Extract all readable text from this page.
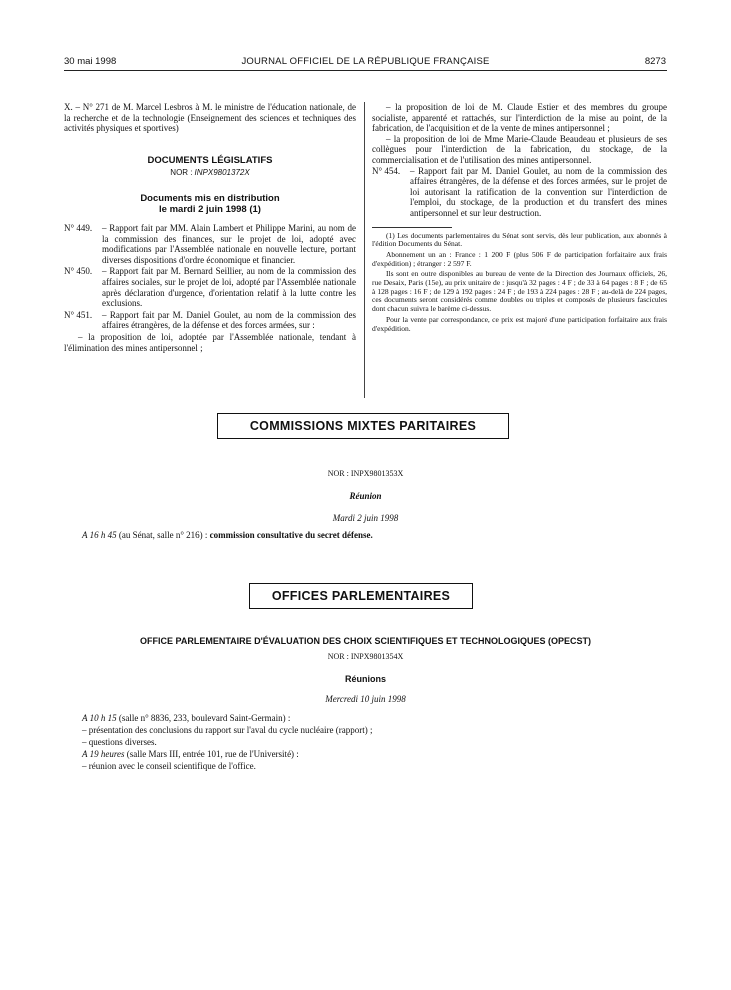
30 mai 1998	JOURNAL OFFICIEL DE LA RÉPUBLIQUE FRANÇAISE	8273

X. – N° 271 de M. Marcel Lesbros à M. le ministre de l'éducation nationale, de la recherche et de la technologie (Enseignement des sciences et techniques des activités physiques et sportives)

DOCUMENTS LÉGISLATIFS
NOR : INPX9801372X
Documents mis en distribution
le mardi 2 juin 1998 (1)
N° 449.	– Rapport fait par MM. Alain Lambert et Philippe Marini, au nom de la commission des finances, sur le projet de loi, adopté avec modifications par l'Assemblée nationale en nouvelle lecture, portant diverses dispositions d'ordre économique et financier.
N° 450.	– Rapport fait par M. Bernard Seillier, au nom de la commission des affaires sociales, sur le projet de loi, adopté par l'Assemblée nationale après déclaration d'urgence, d'orientation relatif à la lutte contre les exclusions.
N° 451.	– Rapport fait par M. Daniel Goulet, au nom de la commission des affaires étrangères, de la défense et des forces armées, sur :

– la proposition de loi, adoptée par l'Assemblée nationale, tendant à l'élimination des mines antipersonnel ;

– la proposition de loi de M. Claude Estier et des membres du groupe socialiste, apparenté et rattachés, sur l'interdiction de la mise au point, de la fabrication, de l'acquisition et de la vente de mines antipersonnel ;

– la proposition de loi de Mme Marie-Claude Beaudeau et plusieurs de ses collègues pour l'interdiction de la fabrication, du stockage, de la commercialisation et de l'utilisation des mines antipersonnel.

N° 454.	– Rapport fait par M. Daniel Goulet, au nom de la commission des affaires étrangères, de la défense et des forces armées, sur le projet de loi autorisant la ratification de la convention sur l'interdiction de l'emploi, du stockage, de la production et du transfert des mines antipersonnel et sur leur destruction.

(1) Les documents parlementaires du Sénat sont servis, dès leur publication, aux abonnés à l'édition Documents du Sénat.

Abonnement un an : France : 1 200 F (plus 506 F de participation forfaitaire aux frais d'expédition) ; étranger : 2 597 F.

Ils sont en outre disponibles au bureau de vente de la Direction des Journaux officiels, 26, rue Desaix, Paris (15e), au prix unitaire de : jusqu'à 32 pages : 4 F ; de 33 à 64 pages : 8 F ; de 65 à 128 pages : 16 F ; de 129 à 192 pages : 24 F ; de 193 à 224 pages : 28 F ; au-delà de 224 pages, ces documents seront considérés comme doubles ou triples et composés de plusieurs fascicules dont chacun suivra le barème ci-dessus.

Pour la vente par correspondance, ce prix est majoré d'une participation forfaitaire aux frais d'expédition.

COMMISSIONS MIXTES PARITAIRES
NOR : INPX9801353X
Réunion
Mardi 2 juin 1998
A 16 h 45 (au Sénat, salle n° 216) : commission consultative du secret défense.
OFFICES PARLEMENTAIRES
OFFICE PARLEMENTAIRE D'ÉVALUATION DES CHOIX SCIENTIFIQUES ET TECHNOLOGIQUES (OPECST)
NOR : INPX9801354X
Réunions
Mercredi 10 juin 1998
A 10 h 15 (salle n° 8836, 233, boulevard Saint-Germain) :
– présentation des conclusions du rapport sur l'aval du cycle nucléaire (rapport) ;
– questions diverses.
A 19 heures (salle Mars III, entrée 101, rue de l'Université) :
– réunion avec le conseil scientifique de l'office.
